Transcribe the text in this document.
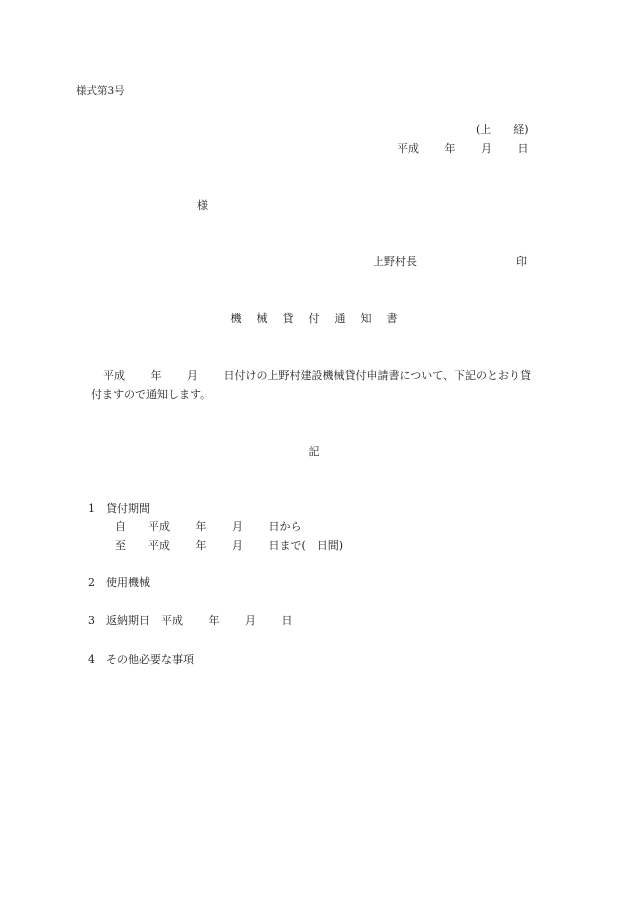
様式第3号
(上　　経)
平成　　 年　　 月　　 日
様
上野村長	印
機　械　貸　付　通　知　書
平成　　 年　　 月　　 日付けの上野村建設機械貸付申請書について、下記のとおり貸
付ますので通知します。
記
1　貸付期間
自　　平成　　 年　　 月　　 日から
至　　平成　　 年　　 月　　 日まで(　日間)
2　使用機械
3　返納期日　平成　　 年　　 月　　 日
4　その他必要な事項
